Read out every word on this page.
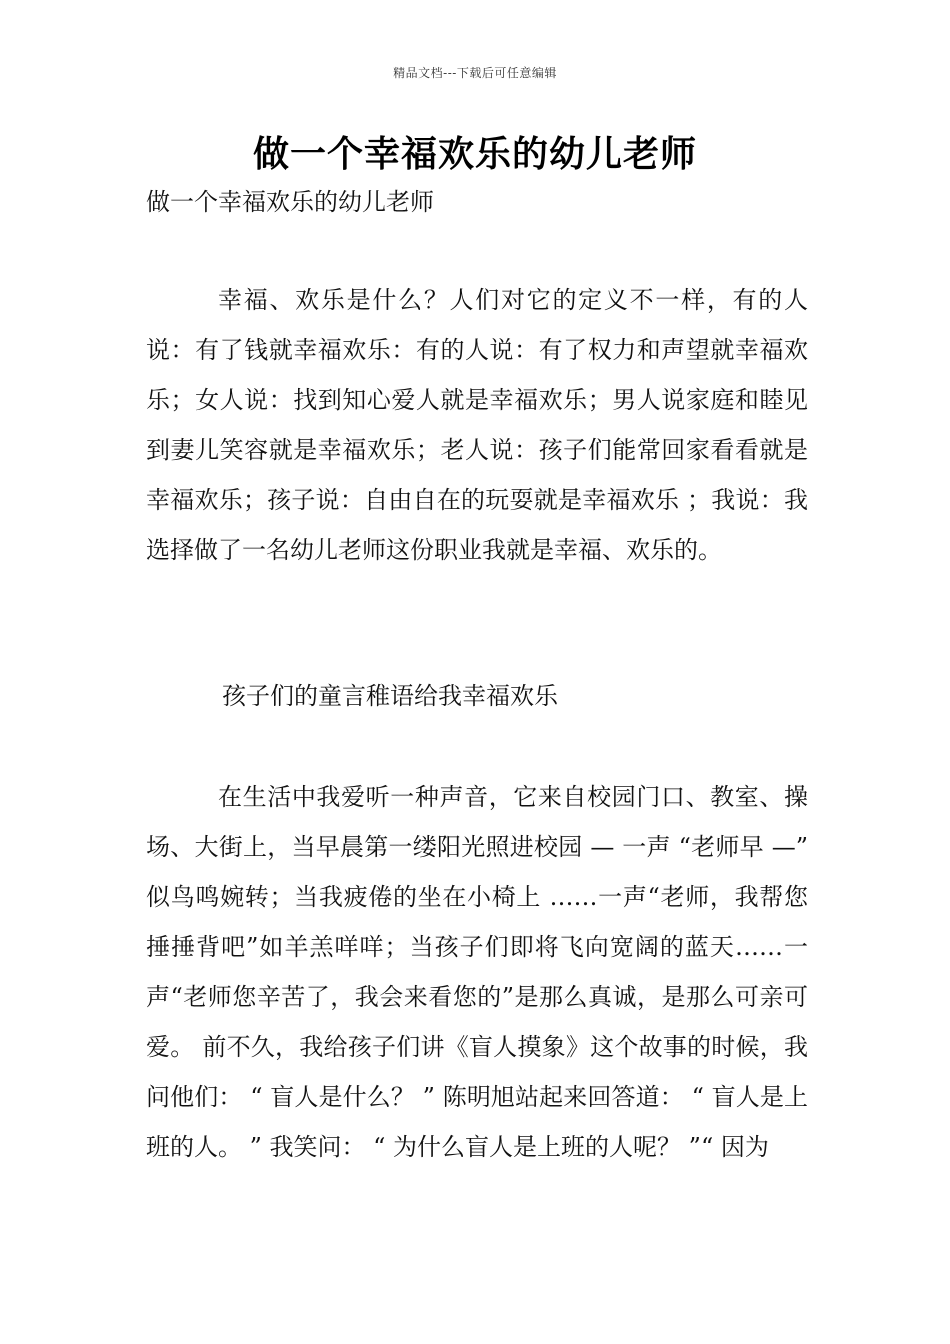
精品文档---下载后可任意编辑
做一个幸福欢乐的幼儿老师
做一个幸福欢乐的幼儿老师

幸福、欢乐是什么？人们对它的定义不一样，有的人说：有了钱就幸福欢乐：有的人说：有了权力和声望就幸福欢乐；女人说：找到知心爱人就是幸福欢乐；男人说家庭和睦见到妻儿笑容就是幸福欢乐；老人说：孩子们能常回家看看就是幸福欢乐；孩子说：自由自在的玩耍就是幸福欢乐 ；我说：我选择做了一名幼儿老师这份职业我就是幸福、欢乐的。

孩子们的童言稚语给我幸福欢乐

在生活中我爱听一种声音，它来自校园门口、教室、操场、大街上，当早晨第一缕阳光照进校园 — 一声 “老师早 —” 似鸟鸣婉转；当我疲倦的坐在小椅上 ……一声“老师，我帮您捶捶背吧”如羊羔咩咩；当孩子们即将飞向宽阔的蓝天……一声“老师您辛苦了，我会来看您的”是那么真诚，是那么可亲可爱。 前不久，我给孩子们讲《盲人摸象》这个故事的时候，我问他们： “ 盲人是什么？ ” 陈明旭站起来回答道： “ 盲人是上班的人。 ” 我笑问： “ 为什么盲人是上班的人呢？ ”“ 因为
